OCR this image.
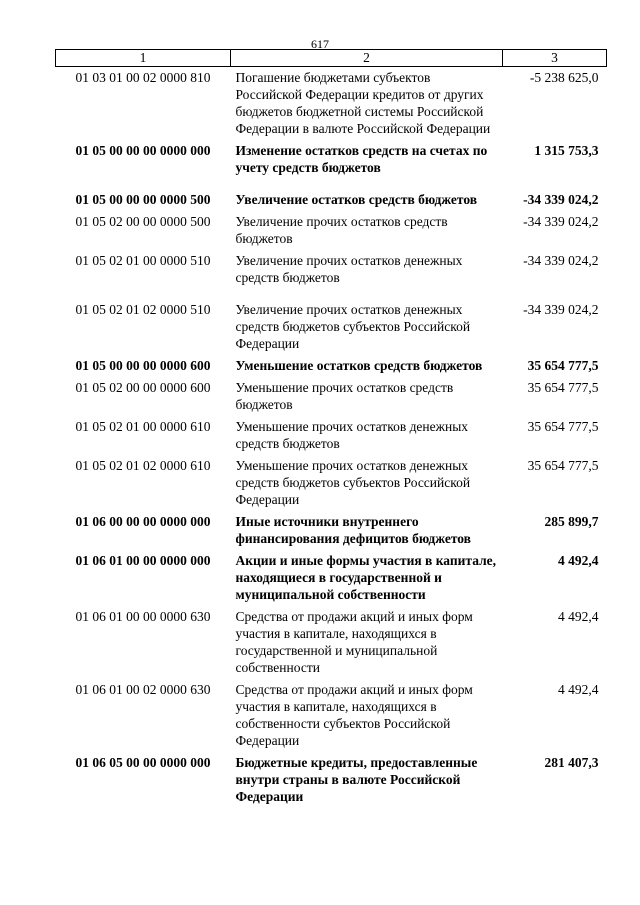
617
1	2	3
01 03 01 00 02 0000 810	Погашение бюджетами субъектов Российской Федерации кредитов от других бюджетов бюджетной системы Российской Федерации в валюте Российской Федерации	-5 238 625,0
01 05 00 00 00 0000 000	Изменение остатков средств на счетах по учету средств бюджетов	1 315 753,3
01 05 00 00 00 0000 500	Увеличение остатков средств бюджетов	-34 339 024,2
01 05 02 00 00 0000 500	Увеличение прочих остатков средств бюджетов	-34 339 024,2
01 05 02 01 00 0000 510	Увеличение прочих остатков денежных средств бюджетов	-34 339 024,2
01 05 02 01 02 0000 510	Увеличение прочих остатков денежных средств бюджетов субъектов Российской Федерации	-34 339 024,2
01 05 00 00 00 0000 600	Уменьшение остатков средств бюджетов	35 654 777,5
01 05 02 00 00 0000 600	Уменьшение прочих остатков средств бюджетов	35 654 777,5
01 05 02 01 00 0000 610	Уменьшение прочих остатков денежных средств бюджетов	35 654 777,5
01 05 02 01 02 0000 610	Уменьшение прочих остатков денежных средств бюджетов субъектов Российской Федерации	35 654 777,5
01 06 00 00 00 0000 000	Иные источники внутреннего финансирования дефицитов бюджетов	285 899,7
01 06 01 00 00 0000 000	Акции и иные формы участия в капитале, находящиеся в государственной и муниципальной собственности	4 492,4
01 06 01 00 00 0000 630	Средства от продажи акций и иных форм участия в капитале, находящихся в государственной и муниципальной собственности	4 492,4
01 06 01 00 02 0000 630	Средства от продажи акций и иных форм участия в капитале, находящихся в собственности субъектов Российской Федерации	4 492,4
01 06 05 00 00 0000 000	Бюджетные кредиты, предоставленные внутри страны в валюте Российской Федерации	281 407,3
